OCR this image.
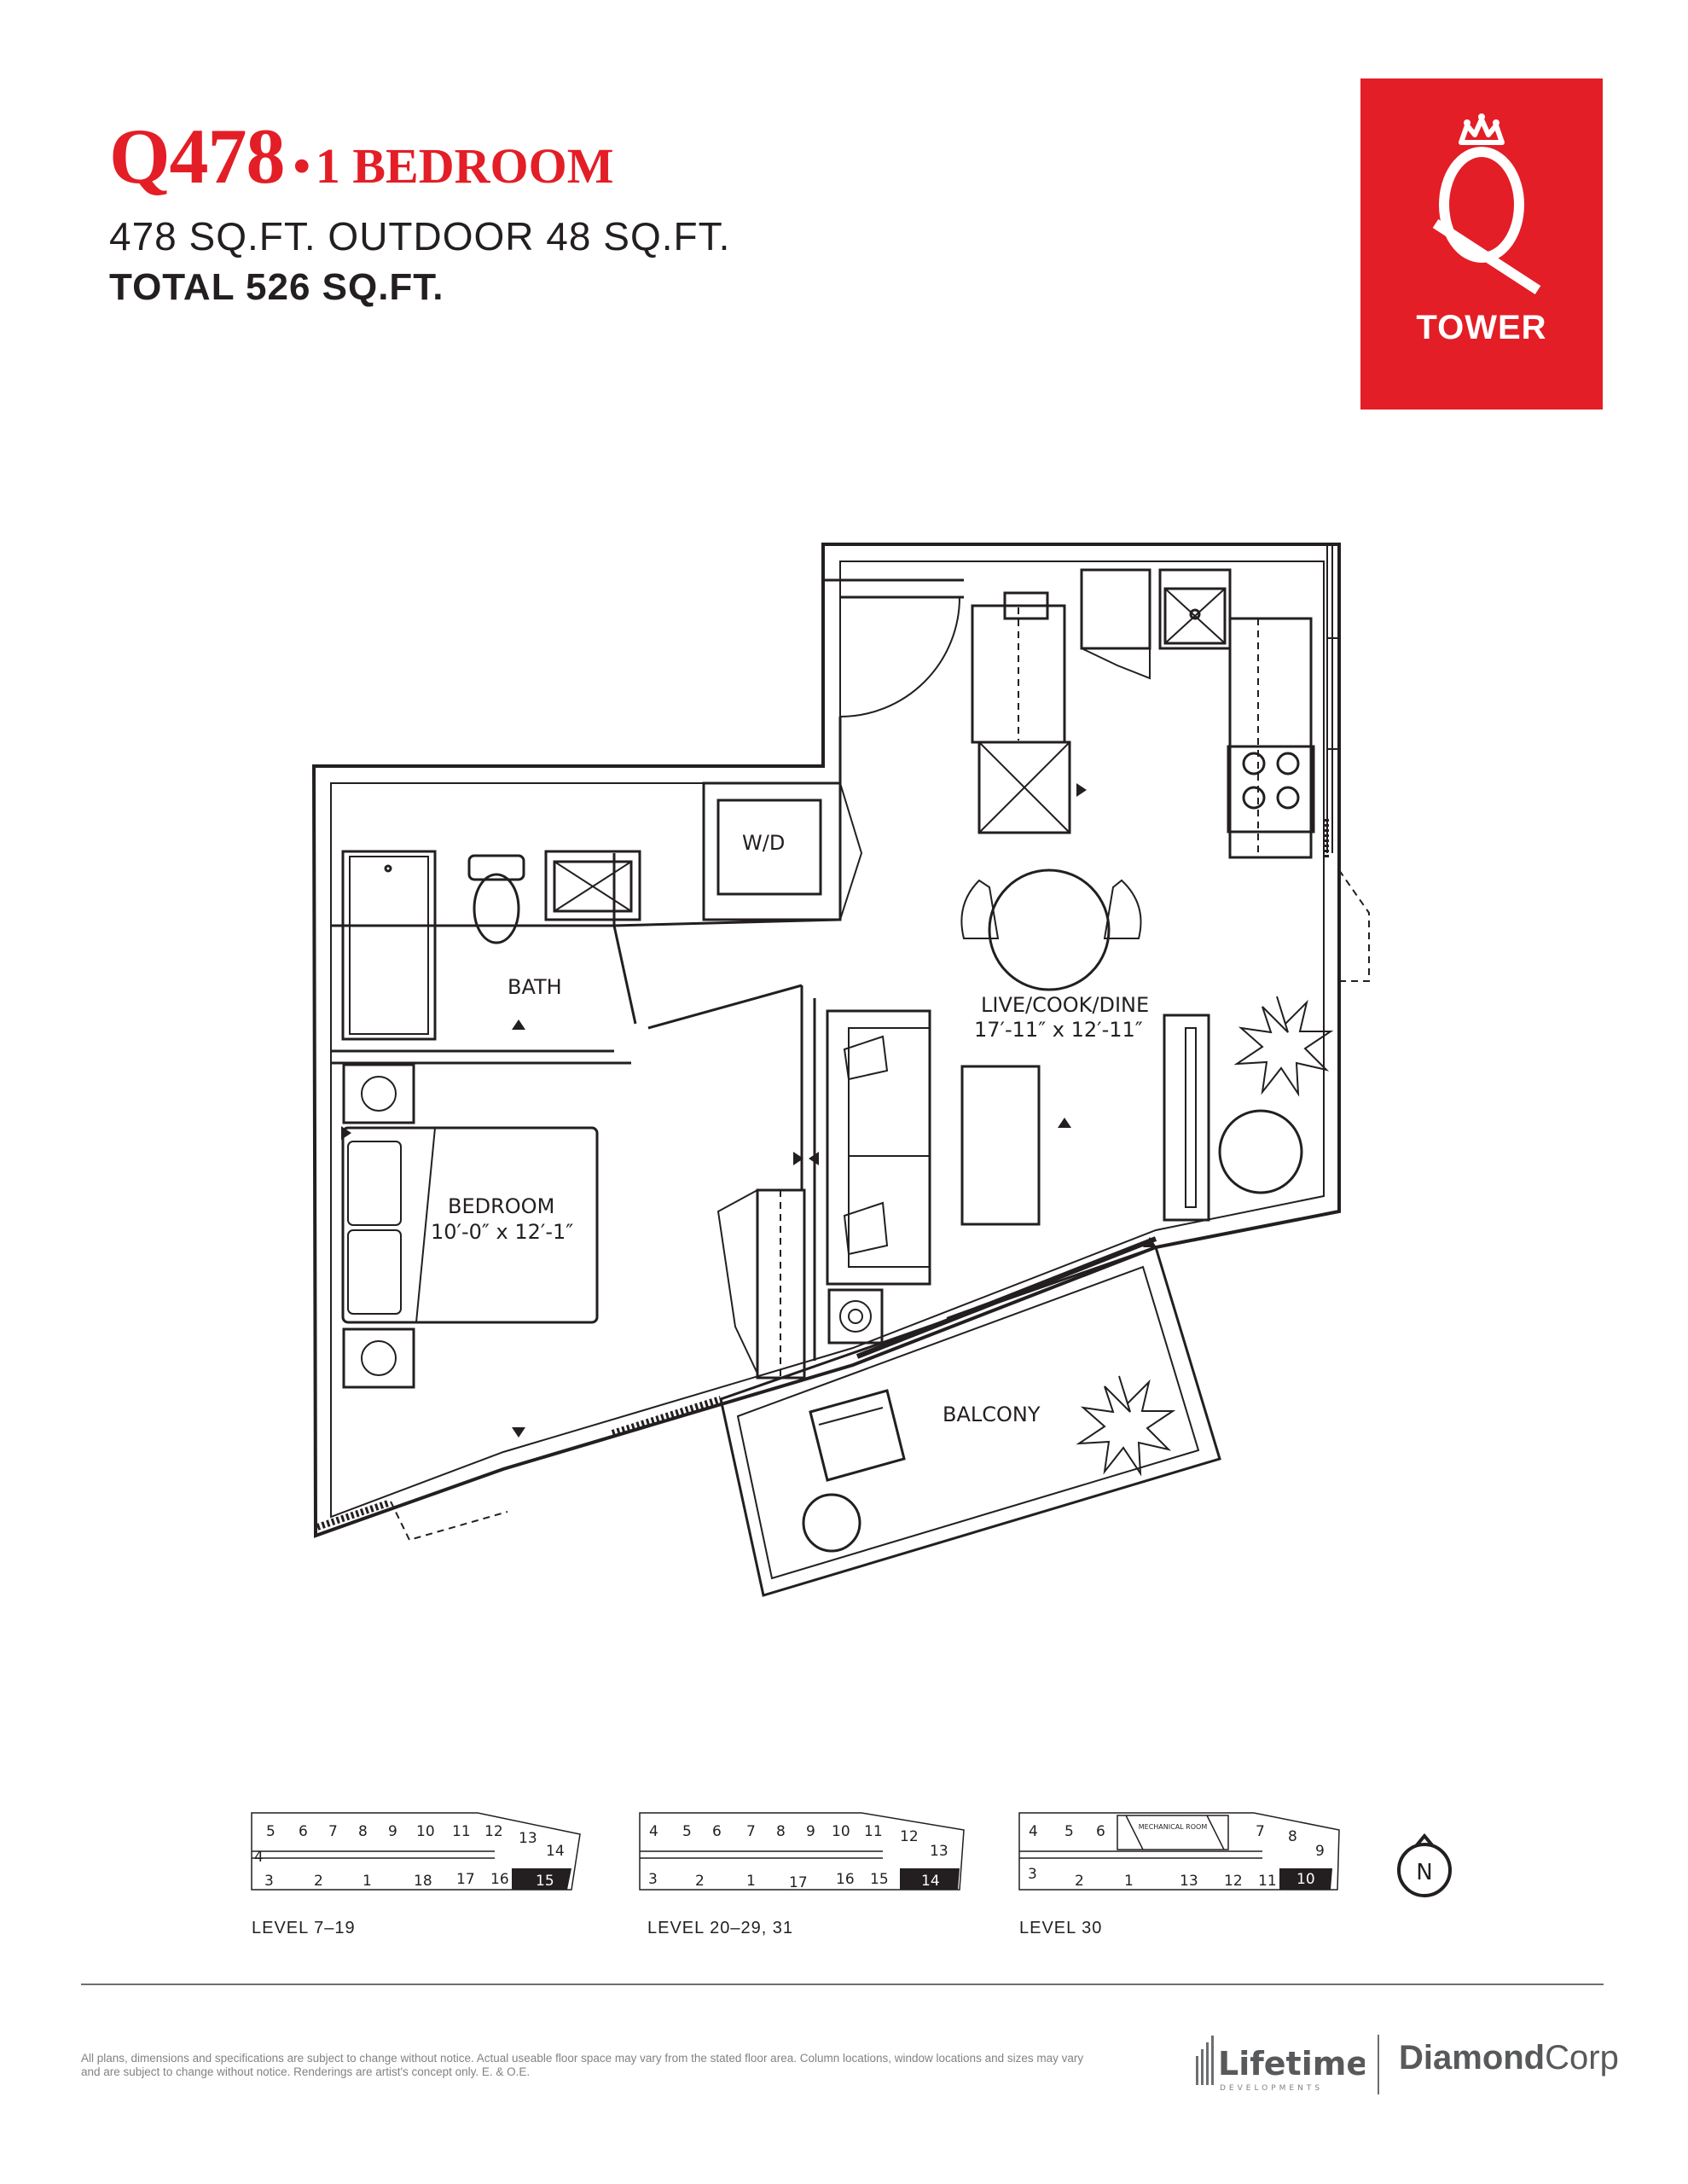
Q478 • 1 BEDROOM
478 SQ.FT. OUTDOOR 48 SQ.FT.
TOTAL 526 SQ.FT.
TOWER
W/D
BATH
LIVE/COOK/DINE
17′-11″ x 12′-11″
BEDROOM
10′-0″ x 12′-1″
BALCONY
5 6 7 8 9 10 11 12 13
14
4
3	2	1	18 17 16 15
LEVEL 7–19
4 5 6 7 8 9 10 11 12
13
3	2	1 17 16 15 14
LEVEL 20–29, 31
4 5 6	7 8
9
3	2	1	13 12 11 10
MECHANICAL ROOM
LEVEL 30
N
All plans, dimensions and specifications are subject to change without notice. Actual useable floor space may vary from the stated floor area. Column locations, window locations and sizes may vary and are subject to change without notice. Renderings are artist's concept only. E. & O.E.	Lifetime
DEVELOPMENTS
DiamondCorp
